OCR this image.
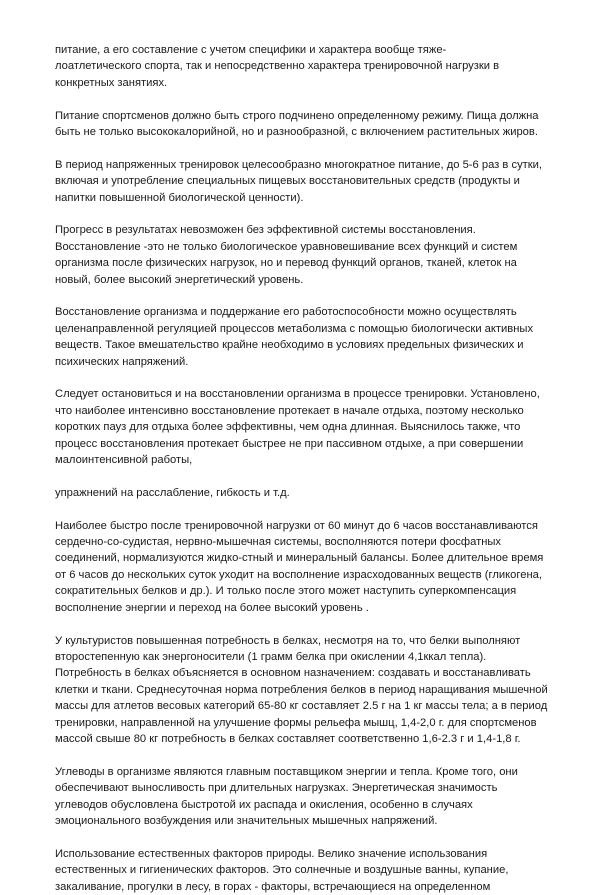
питание, а его составление с учетом специфики и характера вообще тяже-
лоатлетического спорта, так и непосредственно характера тренировочной нагрузки в
конкретных занятиях.

Питание спортсменов должно быть строго подчинено определенному режиму. Пища должна
быть не только высококалорийной, но и разнообразной, с включением растительных жиров.

В период напряженных тренировок целесообразно многократное питание, до 5-6 раз в сутки,
включая и употребление специальных пищевых восстановительных средств (продукты и
напитки повышенной биологической ценности).

Прогресс в результатах невозможен без эффективной системы восстановления.
Восстановление -это не только биологическое уравновешивание всех функций и систем
организма после физических нагрузок, но и перевод функций органов, тканей, клеток на
новый, более высокий энергетический уровень.

Восстановление организма и поддержание его работоспособности можно осуществлять
целенаправленной регуляцией процессов метаболизма с помощью биологически активных
веществ. Такое вмешательство крайне необходимо в условиях предельных физических и
психических напряжений.

Следует остановиться и на восстановлении организма в процессе тренировки. Установлено,
что наиболее интенсивно восстановление протекает в начале отдыха, поэтому несколько
коротких пауз для отдыха более эффективны, чем одна длинная. Выяснилось также, что
процесс восстановления протекает быстрее не при пассивном отдыхе, а при совершении
малоинтенсивной работы,

упражнений на расслабление, гибкость и т.д.

Наиболее быстро после тренировочной нагрузки от 60 минут до 6 часов восстанавливаются
сердечно-со-судистая, нервно-мышечная системы, восполняются потери фосфатных
соединений, нормализуются жидко-стный и минеральный балансы. Более длительное время
от 6 часов до нескольких суток уходит на восполнение израсходованных веществ (гликогена,
сократительных белков и др.). И только после этого может наступить суперкомпенсация
восполнение энергии и переход на более высокий уровень .

У культуристов повышенная потребность в белках, несмотря на то, что белки выполняют
второстепенную как энергоносители (1 грамм белка при окислении 4,1ккал тепла).
Потребность в белках объясняется в основном назначением: создавать и восстанавливать
клетки и ткани. Среднесуточная норма потребления белков в период наращивания мышечной
массы для атлетов весовых категорий 65-80 кг составляет 2.5 г на 1 кг массы тела; а в период
тренировки, направленной на улучшение формы рельефа мышц, 1,4-2,0 г. для спортсменов
массой свыше 80 кг потребность в белках составляет соответственно 1,6-2.3 г и 1,4-1,8 г.

Углеводы в организме являются главным поставщиком энергии и тепла. Кроме того, они
обеспечивают выносливость при длительных нагрузках. Энергетическая значимость
углеводов обусловлена быстротой их распада и окисления, особенно в случаях
эмоционального возбуждения или значительных мышечных напряжений.

Использование естественных факторов природы. Велико значение использования
естественных и гигиенических факторов. Это солнечные и воздушные ванны, купание,
закаливание, прогулки в лесу, в горах - факторы, встречающиеся на определенном
